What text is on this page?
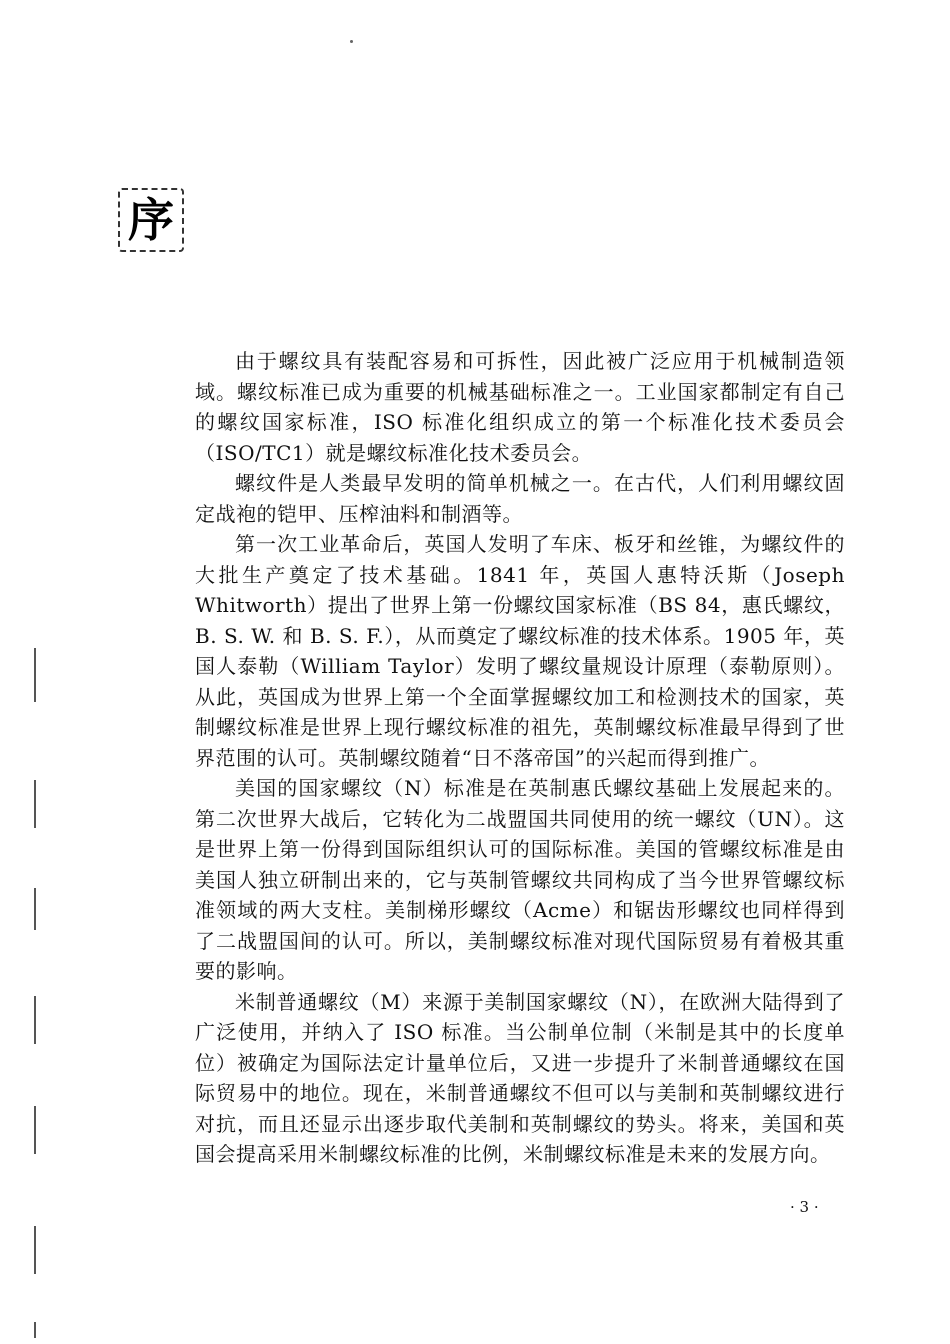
序

由于螺纹具有装配容易和可拆性，因此被广泛应用于机械制造领域。螺纹标准已成为重要的机械基础标准之一。工业国家都制定有自己的螺纹国家标准，ISO 标准化组织成立的第一个标准化技术委员会（ISO/TC1）就是螺纹标准化技术委员会。

螺纹件是人类最早发明的简单机械之一。在古代，人们利用螺纹固定战袍的铠甲、压榨油料和制酒等。

第一次工业革命后，英国人发明了车床、板牙和丝锥，为螺纹件的大批生产奠定了技术基础。1841 年，英国人惠特沃斯（Joseph Whitworth）提出了世界上第一份螺纹国家标准（BS 84，惠氏螺纹，B. S. W. 和 B. S. F.），从而奠定了螺纹标准的技术体系。1905 年，英国人泰勒（William Taylor）发明了螺纹量规设计原理（泰勒原则）。从此，英国成为世界上第一个全面掌握螺纹加工和检测技术的国家，英制螺纹标准是世界上现行螺纹标准的祖先，英制螺纹标准最早得到了世界范围的认可。英制螺纹随着“日不落帝国”的兴起而得到推广。

美国的国家螺纹（N）标准是在英制惠氏螺纹基础上发展起来的。第二次世界大战后，它转化为二战盟国共同使用的统一螺纹（UN）。这是世界上第一份得到国际组织认可的国际标准。美国的管螺纹标准是由美国人独立研制出来的，它与英制管螺纹共同构成了当今世界管螺纹标准领域的两大支柱。美制梯形螺纹（Acme）和锯齿形螺纹也同样得到了二战盟国间的认可。所以，美制螺纹标准对现代国际贸易有着极其重要的影响。

米制普通螺纹（M）来源于美制国家螺纹（N），在欧洲大陆得到了广泛使用，并纳入了 ISO 标准。当公制单位制（米制是其中的长度单位）被确定为国际法定计量单位后，又进一步提升了米制普通螺纹在国际贸易中的地位。现在，米制普通螺纹不但可以与美制和英制螺纹进行对抗，而且还显示出逐步取代美制和英制螺纹的势头。将来，美国和英国会提高采用米制螺纹标准的比例，米制螺纹标准是未来的发展方向。

· 3 ·
